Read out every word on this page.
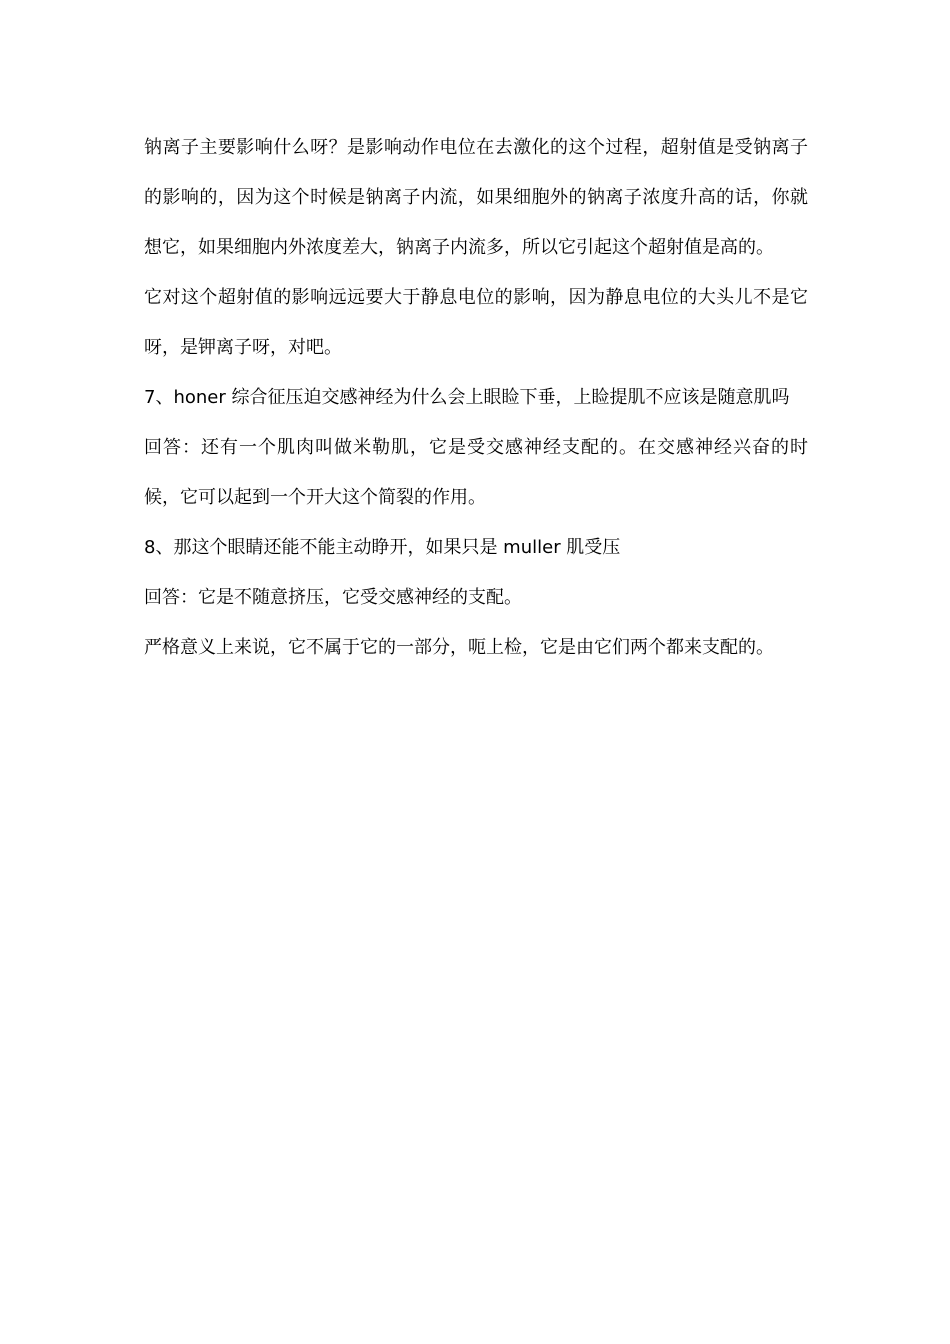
钠离子主要影响什么呀？是影响动作电位在去激化的这个过程，超射值是受钠离子的影响的，因为这个时候是钠离子内流，如果细胞外的钠离子浓度升高的话，你就想它，如果细胞内外浓度差大，钠离子内流多，所以它引起这个超射值是高的。

它对这个超射值的影响远远要大于静息电位的影响，因为静息电位的大头儿不是它呀，是钾离子呀，对吧。

7、honer 综合征压迫交感神经为什么会上眼睑下垂，上睑提肌不应该是随意肌吗

回答：还有一个肌肉叫做米勒肌，它是受交感神经支配的。在交感神经兴奋的时候，它可以起到一个开大这个简裂的作用。

8、那这个眼睛还能不能主动睁开，如果只是 muller 肌受压

回答：它是不随意挤压，它受交感神经的支配。

严格意义上来说，它不属于它的一部分，呃上检，它是由它们两个都来支配的。
